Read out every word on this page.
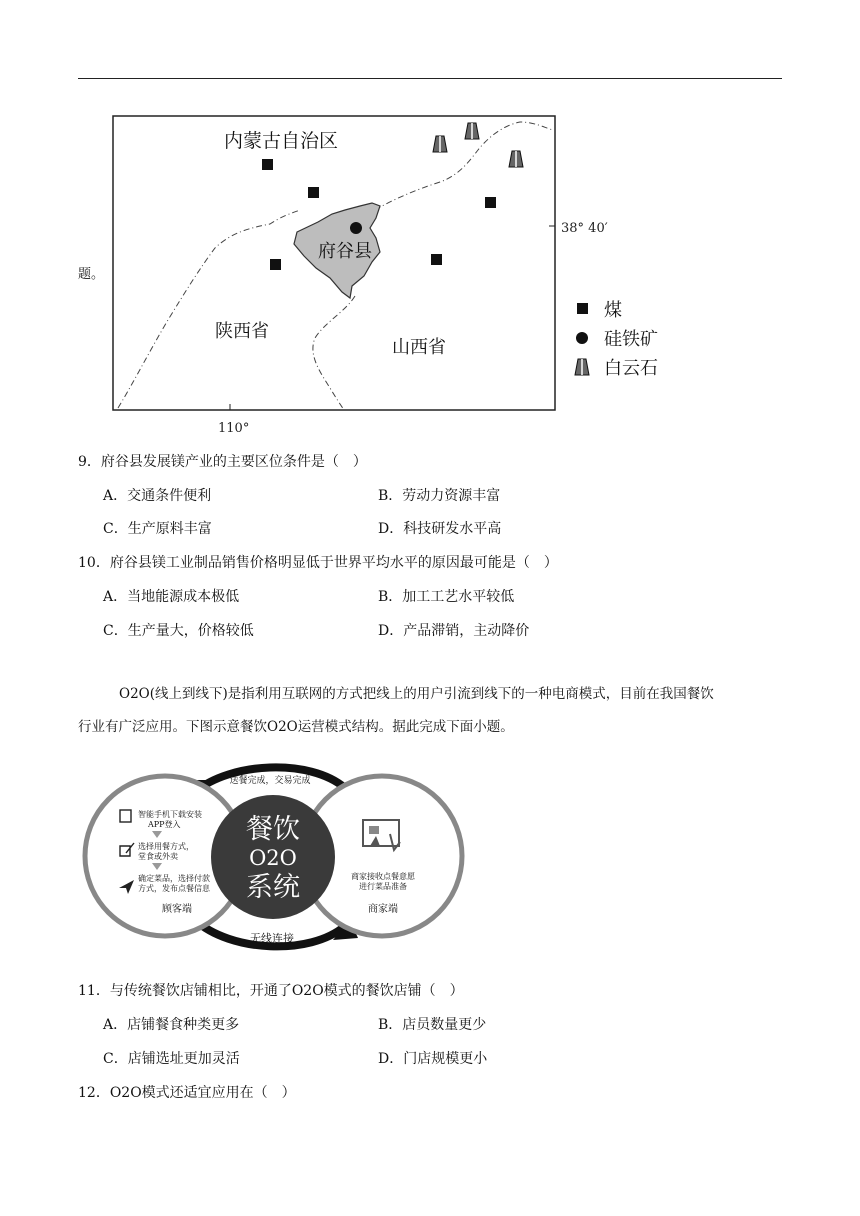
内蒙古自治区
府谷县
陕西省
山西省
38° 40′
110°
煤
硅铁矿
白云石
题。
9．府谷县发展镁产业的主要区位条件是（　）
A．交通条件便利	B．劳动力资源丰富
C．生产原料丰富	D．科技研发水平高
10．府谷县镁工业制品销售价格明显低于世界平均水平的原因最可能是（　）
A．当地能源成本极低	B．加工工艺水平较低
C．生产量大，价格较低	D．产品滞销，主动降价
O2O(线上到线下)是指利用互联网的方式把线上的用户引流到线下的一种电商模式，目前在我国餐饮
行业有广泛应用。下图示意餐饮O2O运营模式结构。据此完成下面小题。
餐饮
O2O
系统
送餐完成，交易完成
无线连接
智能手机下载安装
APP登入
选择用餐方式，
堂食或外卖
确定菜品，选择付款
方式，发布点餐信息
顾客端
商家接收点餐意愿
进行菜品准备
商家端
11．与传统餐饮店铺相比，开通了O2O模式的餐饮店铺（　）
A．店铺餐食种类更多	B．店员数量更少
C．店铺选址更加灵活	D．门店规模更小
12．O2O模式还适宜应用在（　）
